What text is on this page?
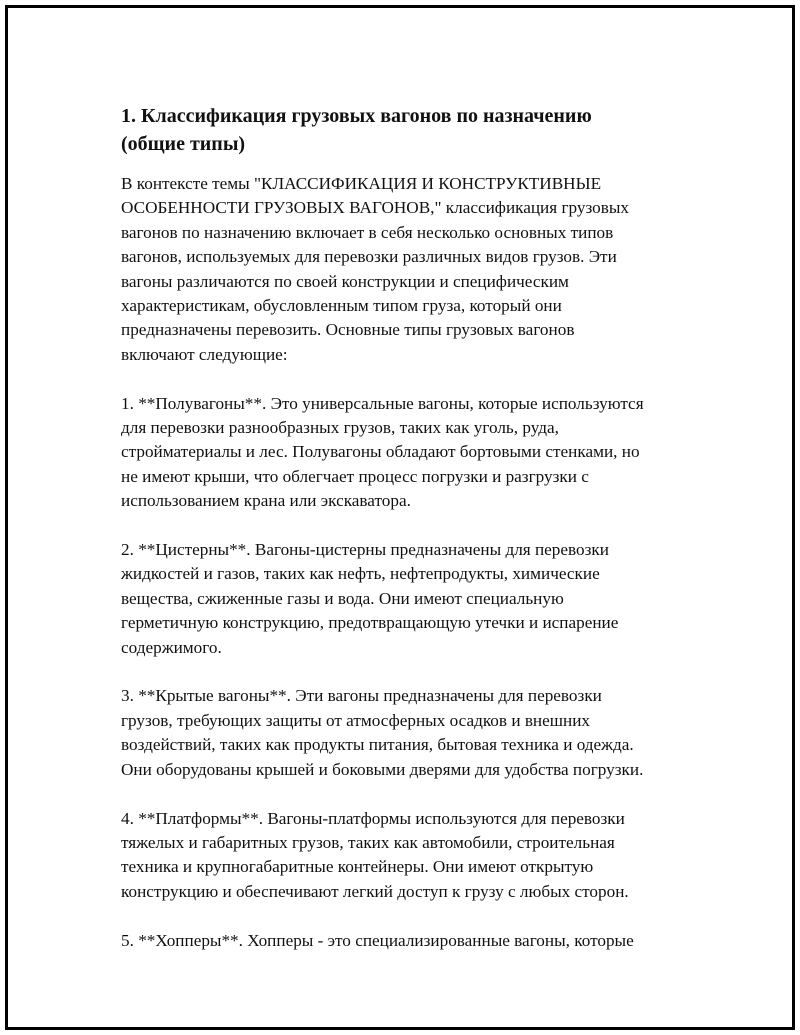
1. Классификация грузовых вагонов по назначению
(общие типы)

В контексте темы "КЛАССИФИКАЦИЯ И КОНСТРУКТИВНЫЕ
ОСОБЕННОСТИ ГРУЗОВЫХ ВАГОНОВ," классификация грузовых
вагонов по назначению включает в себя несколько основных типов
вагонов, используемых для перевозки различных видов грузов. Эти
вагоны различаются по своей конструкции и специфическим
характеристикам, обусловленным типом груза, который они
предназначены перевозить. Основные типы грузовых вагонов
включают следующие:

1. **Полувагоны**. Это универсальные вагоны, которые используются
для перевозки разнообразных грузов, таких как уголь, руда,
стройматериалы и лес. Полувагоны обладают бортовыми стенками, но
не имеют крыши, что облегчает процесс погрузки и разгрузки с
использованием крана или экскаватора.

2. **Цистерны**. Вагоны-цистерны предназначены для перевозки
жидкостей и газов, таких как нефть, нефтепродукты, химические
вещества, сжиженные газы и вода. Они имеют специальную
герметичную конструкцию, предотвращающую утечки и испарение
содержимого.

3. **Крытые вагоны**. Эти вагоны предназначены для перевозки
грузов, требующих защиты от атмосферных осадков и внешних
воздействий, таких как продукты питания, бытовая техника и одежда.
Они оборудованы крышей и боковыми дверями для удобства погрузки.

4. **Платформы**. Вагоны-платформы используются для перевозки
тяжелых и габаритных грузов, таких как автомобили, строительная
техника и крупногабаритные контейнеры. Они имеют открытую
конструкцию и обеспечивают легкий доступ к грузу с любых сторон.

5. **Хопперы**. Хопперы - это специализированные вагоны, которые
